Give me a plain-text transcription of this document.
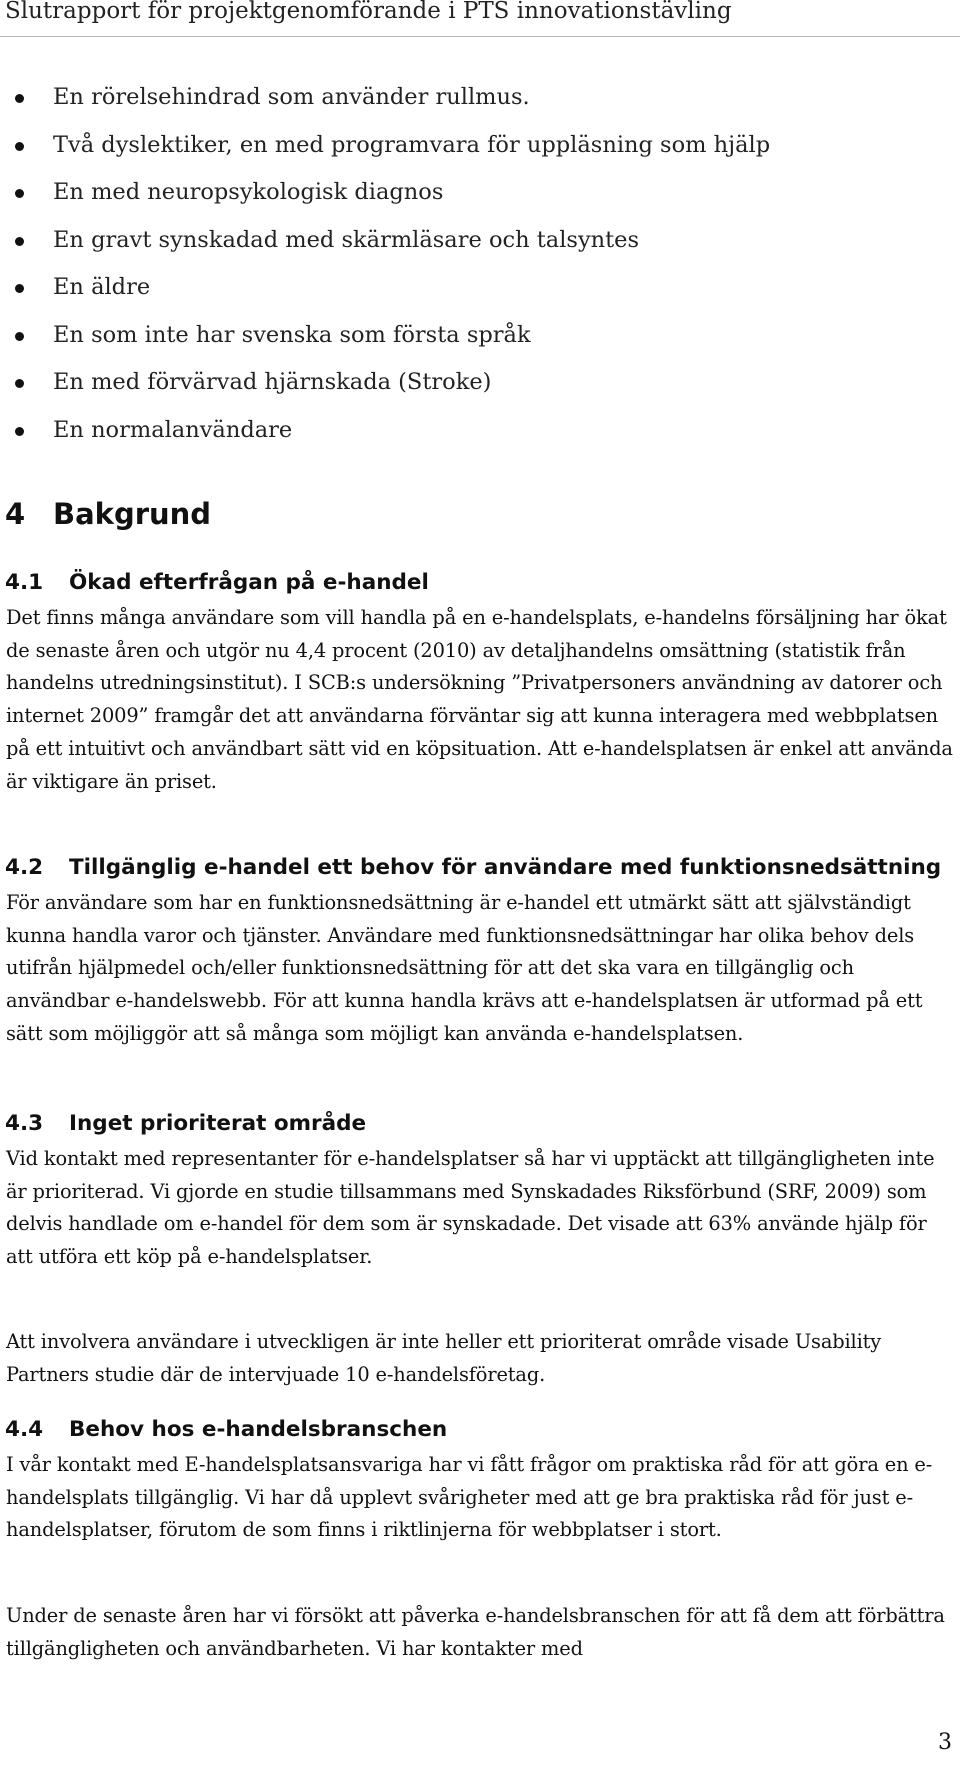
Slutrapport för projektgenomförande i PTS innovationstävling
En rörelsehindrad som använder rullmus.
Två dyslektiker, en med programvara för uppläsning som hjälp
En med neuropsykologisk diagnos
En gravt synskadad med skärmläsare och talsyntes
En äldre
En som inte har svenska som första språk
En med förvärvad hjärnskada (Stroke)
En normalanvändare
4 Bakgrund
4.1 Ökad efterfrågan på e-handel

Det finns många användare som vill handla på en e-handelsplats, e-handelns försäljning har ökat de senaste åren och utgör nu 4,4 procent (2010) av detaljhandelns omsättning (statistik från handelns utredningsinstitut). I SCB:s undersökning ”Privatpersoners användning av datorer och internet 2009” framgår det att användarna förväntar sig att kunna interagera med webbplatsen på ett intuitivt och användbart sätt vid en köpsituation. Att e-handelsplatsen är enkel att använda är viktigare än priset.

4.2 Tillgänglig e-handel ett behov för användare med funktionsnedsättning

För användare som har en funktionsnedsättning är e-handel ett utmärkt sätt att självständigt kunna handla varor och tjänster. Användare med funktionsnedsättningar har olika behov dels utifrån hjälpmedel och/eller funktionsnedsättning för att det ska vara en tillgänglig och användbar e-handelswebb. För att kunna handla krävs att e-handelsplatsen är utformad på ett sätt som möjliggör att så många som möjligt kan använda e-handelsplatsen.

4.3 Inget prioriterat område

Vid kontakt med representanter för e-handelsplatser så har vi upptäckt att tillgängligheten inte är prioriterad. Vi gjorde en studie tillsammans med Synskadades Riksförbund (SRF, 2009) som delvis handlade om e-handel för dem som är synskadade. Det visade att 63% använde hjälp för att utföra ett köp på e-handelsplatser.

Att involvera användare i utveckligen är inte heller ett prioriterat område visade Usability Partners studie där de intervjuade 10 e-handelsföretag.

4.4 Behov hos e-handelsbranschen

I vår kontakt med E-handelsplatsansvariga har vi fått frågor om praktiska råd för att göra en e-handelsplats tillgänglig. Vi har då upplevt svårigheter med att ge bra praktiska råd för just e-handelsplatser, förutom de som finns i riktlinjerna för webbplatser i stort.

Under de senaste åren har vi försökt att påverka e-handelsbranschen för att få dem att förbättra tillgängligheten och användbarheten. Vi har kontakter med

3
